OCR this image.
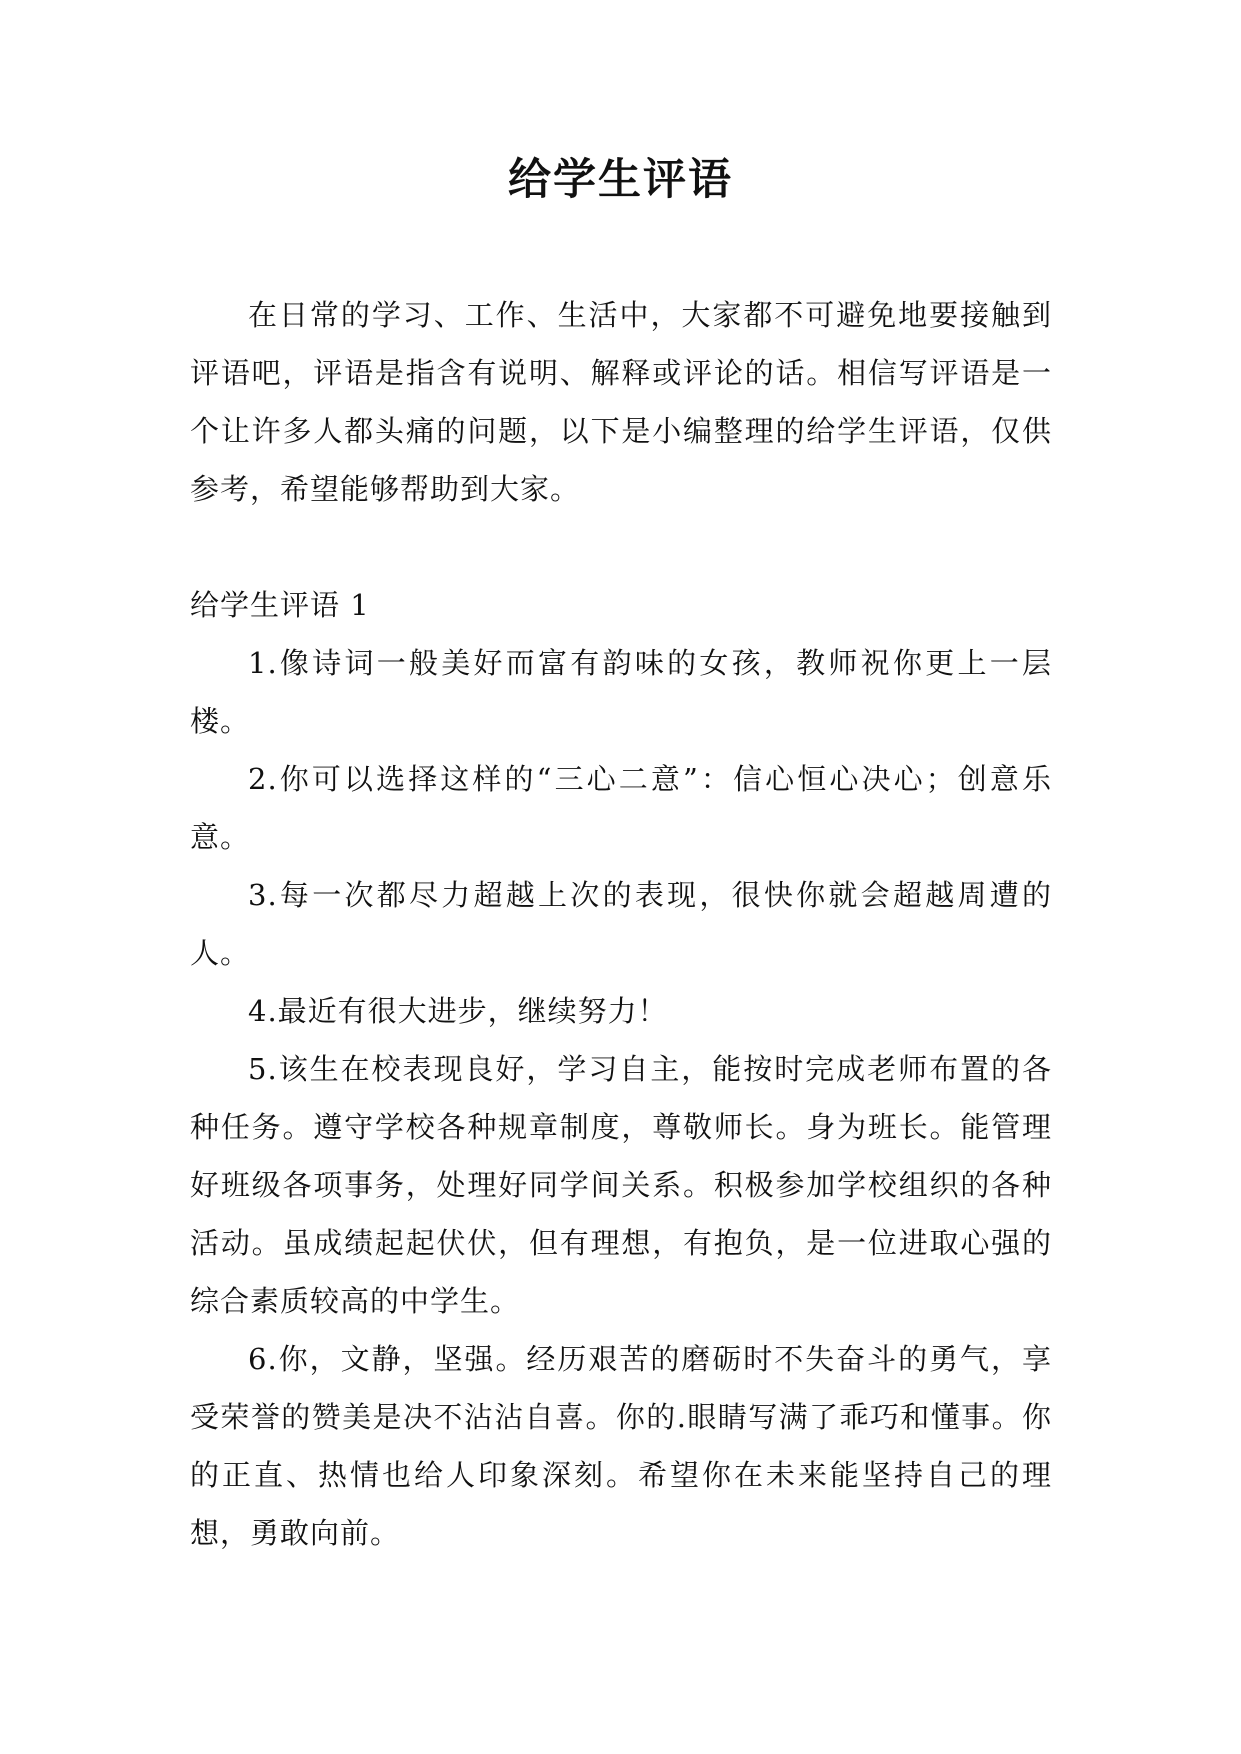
给学生评语

在日常的学习、工作、生活中，大家都不可避免地要接触到评语吧，评语是指含有说明、解释或评论的话。相信写评语是一个让许多人都头痛的问题，以下是小编整理的给学生评语，仅供参考，希望能够帮助到大家。

给学生评语 1

1.像诗词一般美好而富有韵味的女孩，教师祝你更上一层楼。

2.你可以选择这样的“三心二意”：信心恒心决心；创意乐意。

3.每一次都尽力超越上次的表现，很快你就会超越周遭的人。

4.最近有很大进步，继续努力！

5.该生在校表现良好，学习自主，能按时完成老师布置的各种任务。遵守学校各种规章制度，尊敬师长。身为班长。能管理好班级各项事务，处理好同学间关系。积极参加学校组织的各种活动。虽成绩起起伏伏，但有理想，有抱负，是一位进取心强的综合素质较高的中学生。

6.你，文静，坚强。经历艰苦的磨砺时不失奋斗的勇气，享受荣誉的赞美是决不沾沾自喜。你的.眼睛写满了乖巧和懂事。你的正直、热情也给人印象深刻。希望你在未来能坚持自己的理想，勇敢向前。
